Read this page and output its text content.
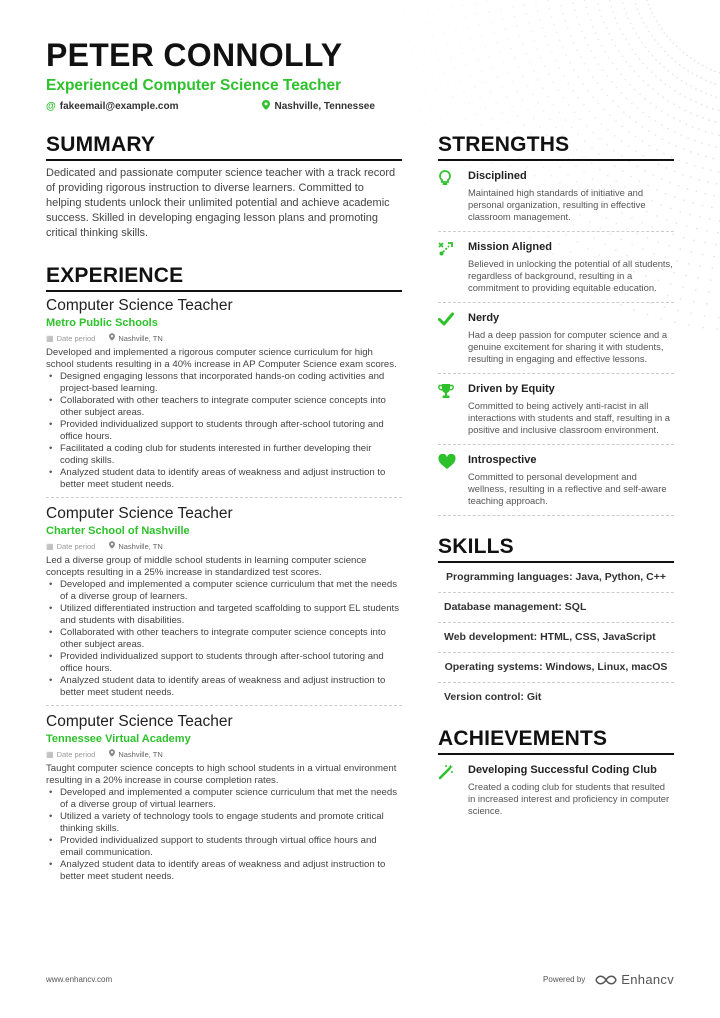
PETER CONNOLLY
Experienced Computer Science Teacher
@ fakeemail@example.com	Nashville, Tennessee
SUMMARY
Dedicated and passionate computer science teacher with a track record of providing rigorous instruction to diverse learners. Committed to helping students unlock their unlimited potential and achieve academic success. Skilled in developing engaging lesson plans and promoting critical thinking skills.
EXPERIENCE
Computer Science Teacher
Metro Public Schools
▦ Date period	Nashville, TN
Developed and implemented a rigorous computer science curriculum for high school students resulting in a 40% increase in AP Computer Science exam scores.
• Designed engaging lessons that incorporated hands-on coding activities and project-based learning.
• Collaborated with other teachers to integrate computer science concepts into other subject areas.
• Provided individualized support to students through after-school tutoring and office hours.
• Facilitated a coding club for students interested in further developing their coding skills.
• Analyzed student data to identify areas of weakness and adjust instruction to better meet student needs.
Computer Science Teacher
Charter School of Nashville
▦ Date period	Nashville, TN
Led a diverse group of middle school students in learning computer science concepts resulting in a 25% increase in standardized test scores.
• Developed and implemented a computer science curriculum that met the needs of a diverse group of learners.
• Utilized differentiated instruction and targeted scaffolding to support EL students and students with disabilities.
• Collaborated with other teachers to integrate computer science concepts into other subject areas.
• Provided individualized support to students through after-school tutoring and office hours.
• Analyzed student data to identify areas of weakness and adjust instruction to better meet student needs.
Computer Science Teacher
Tennessee Virtual Academy
▦ Date period	Nashville, TN
Taught computer science concepts to high school students in a virtual environment resulting in a 20% increase in course completion rates.
• Developed and implemented a computer science curriculum that met the needs of a diverse group of virtual learners.
• Utilized a variety of technology tools to engage students and promote critical thinking skills.
• Provided individualized support to students through virtual office hours and email communication.
• Analyzed student data to identify areas of weakness and adjust instruction to better meet student needs.
STRENGTHS
Disciplined
Maintained high standards of initiative and personal organization, resulting in effective classroom management.
Mission Aligned
Believed in unlocking the potential of all students, regardless of background, resulting in a commitment to providing equitable education.
Nerdy
Had a deep passion for computer science and a genuine excitement for sharing it with students, resulting in engaging and effective lessons.
Driven by Equity
Committed to being actively anti-racist in all interactions with students and staff, resulting in a positive and inclusive classroom environment.
Introspective
Committed to personal development and wellness, resulting in a reflective and self-aware teaching approach.
SKILLS
Programming languages: Java, Python, C++
Database management: SQL
Web development: HTML, CSS, JavaScript
Operating systems: Windows, Linux, macOS
Version control: Git
ACHIEVEMENTS
Developing Successful Coding Club
Created a coding club for students that resulted in increased interest and proficiency in computer science.
www.enhancv.com	Powered by	Enhancv
